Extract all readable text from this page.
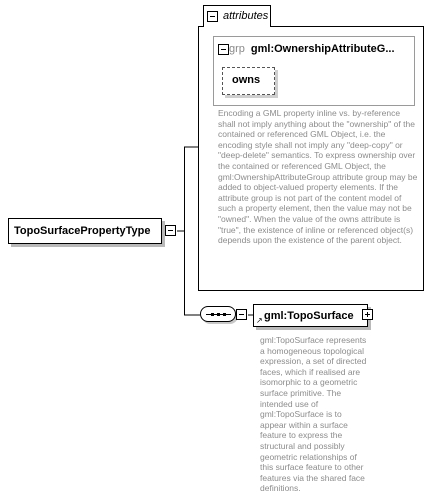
attributes
grp gml:OwnershipAttributeG...
owns
Encoding a GML property inline vs. by-reference shall not imply anything about the "ownership" of the contained or referenced GML Object, i.e. the encoding style shall not imply any "deep-copy" or "deep-delete" semantics. To express ownership over the contained or referenced GML Object, the gml:OwnershipAttributeGroup attribute group may be added to object-valued property elements. If the attribute group is not part of the content model of such a property element, then the value may not be "owned". When the value of the owns attribute is "true", the existence of inline or referenced object(s) depends upon the existence of the parent object.
TopoSurfacePropertyType
↗ gml:TopoSurface
gml:TopoSurface represents a homogeneous topological expression, a set of directed faces, which if realised are isomorphic to a geometric surface primitive. The intended use of gml:TopoSurface is to appear within a surface feature to express the structural and possibly geometric relationships of this surface feature to other features via the shared face definitions.
